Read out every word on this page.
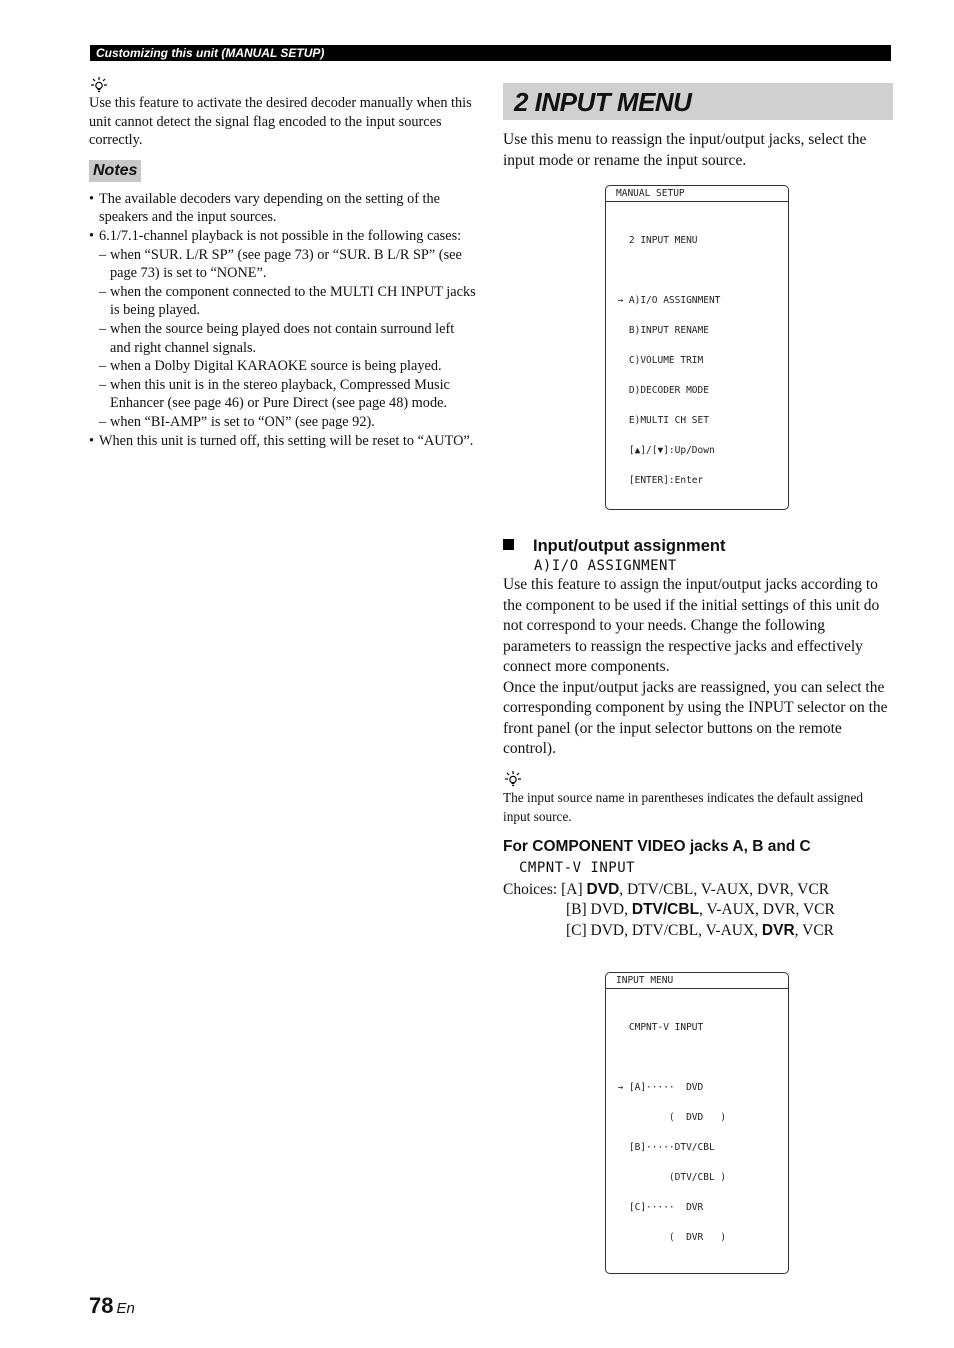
Customizing this unit (MANUAL SETUP)

Use this feature to activate the desired decoder manually when this unit cannot detect the signal flag encoded to the input sources correctly.

Notes
• The available decoders vary depending on the setting of the speakers and the input sources.
• 6.1/7.1-channel playback is not possible in the following cases:
– when “SUR. L/R SP” (see page 73) or “SUR. B L/R SP” (see page 73) is set to “NONE”.
– when the component connected to the MULTI CH INPUT jacks is being played.
– when the source being played does not contain surround left and right channel signals.
– when a Dolby Digital KARAOKE source is being played.
– when this unit is in the stereo playback, Compressed Music Enhancer (see page 46) or Pure Direct (see page 48) mode.
– when “BI-AMP” is set to “ON” (see page 92).
• When this unit is turned off, this setting will be reset to “AUTO”.
2 INPUT MENU

Use this menu to reassign the input/output jacks, select the input mode or rename the input source.

MANUAL SETUP

2 INPUT MENU

→ A)I/O ASSIGNMENT

B)INPUT RENAME

C)VOLUME TRIM

D)DECODER MODE

E)MULTI CH SET

[▲]/[▼]:Up/Down

[ENTER]:Enter

Input/output assignment
A)I/O ASSIGNMENT

Use this feature to assign the input/output jacks according to the component to be used if the initial settings of this unit do not correspond to your needs. Change the following parameters to reassign the respective jacks and effectively connect more components.

Once the input/output jacks are reassigned, you can select the corresponding component by using the INPUT selector on the front panel (or the input selector buttons on the remote control).

The input source name in parentheses indicates the default assigned input source.

For COMPONENT VIDEO jacks A, B and C
CMPNT-V INPUT
Choices: [A] DVD, DTV/CBL, V-AUX, DVR, VCR
[B] DVD, DTV/CBL, V-AUX, DVR, VCR
[C] DVD, DTV/CBL, V-AUX, DVR, VCR
INPUT MENU

CMPNT-V INPUT

→ [A]·····  DVD

(  DVD   )

[B]·····DTV/CBL

(DTV/CBL )

[C]·····  DVR

(  DVR   )

78 En
